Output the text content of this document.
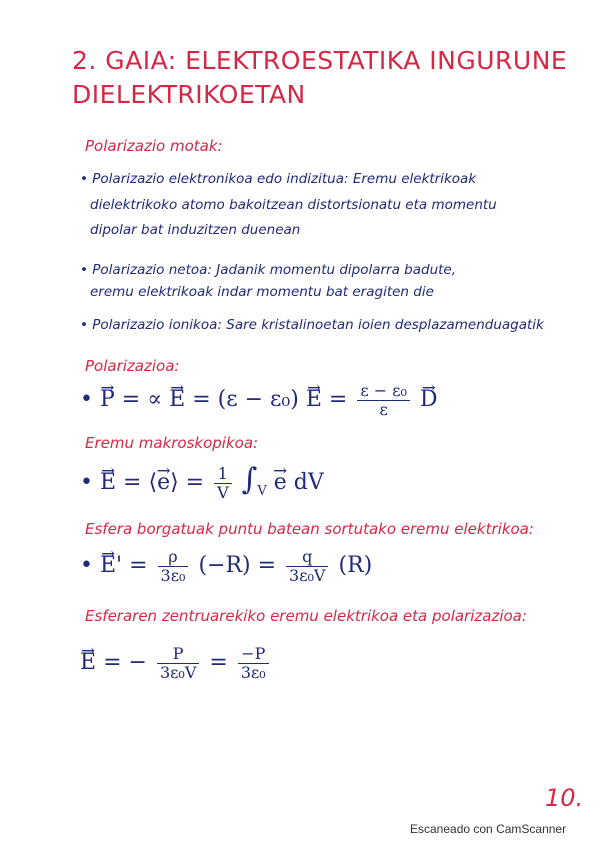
2. GAIA: ELEKTROESTATIKA INGURUNE
DIELEKTRIKOETAN
Polarizazio motak:
• Polarizazio elektronikoa edo indizitua: Eremu elektrikoak
dielektrikoko atomo bakoitzean distortsionatu eta momentu
dipolar bat induzitzen duenean
• Polarizazio netoa: Jadanik momentu dipolarra badute,
eremu elektrikoak indar momentu bat eragiten die
• Polarizazio ionikoa: Sare kristalinoetan ioien desplazamenduagatik
Polarizazioa:
• → P = ∝ → $E = (\varepsilon - \varepsilon_0) \to E = \frac{\text{ε − ε₀}}{\varepsilon}$
→ D
Eremu makroskopikoa:
• → E = ⟨→ e⟩ = $\frac{1}{V} \int_V \to e$ dV
Esfera borgatuak puntu batean sortutako eremu elektrikoa:
• → $E' = \frac{\rho}{\text{3ε₀}} (-R) = \frac{q}{\text{3ε₀V}} (R)$
Esferaren zentruarekiko eremu elektrikoa eta polarizazioa:
→ E = − $\frac{P}{\text{3ε₀V}} = \frac{-P}{\text{3ε₀}}$
10.
Escaneado con CamScanner
